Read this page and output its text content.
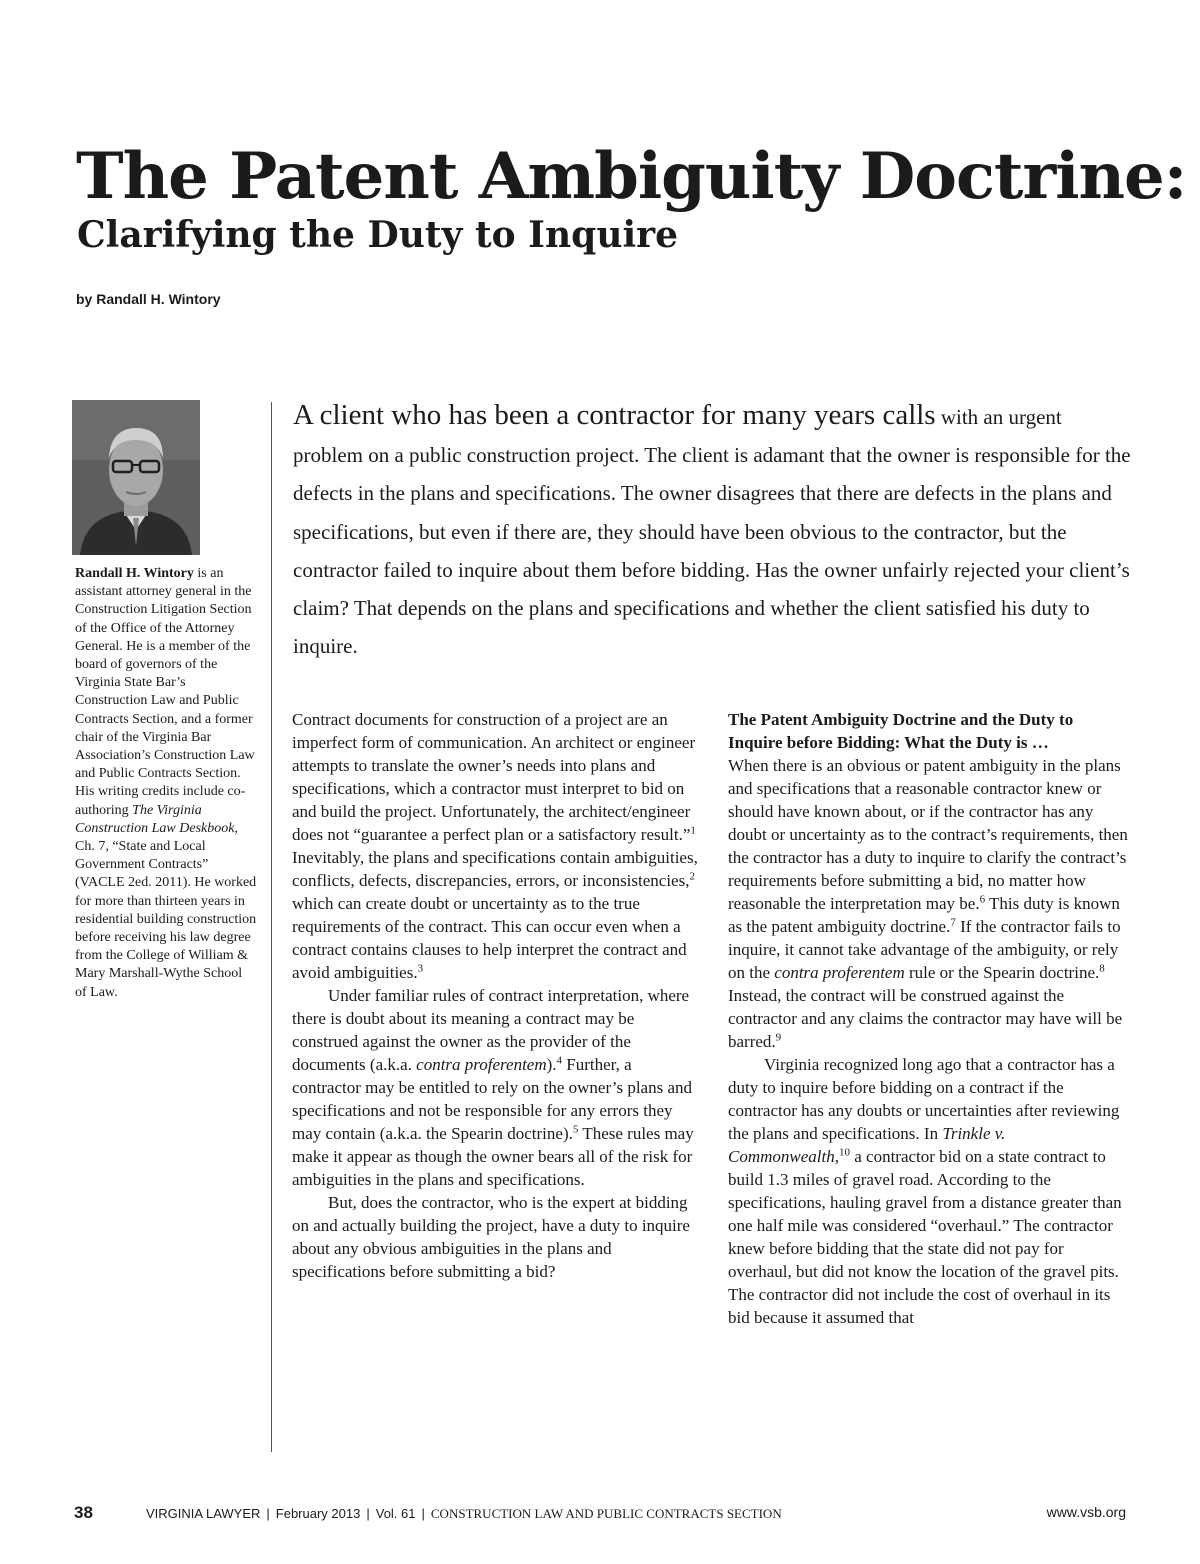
The Patent Ambiguity Doctrine:
Clarifying the Duty to Inquire
by Randall H. Wintory
Randall H. Wintory is an assistant attorney general in the Construction Litigation Section of the Office of the Attorney General. He is a member of the board of governors of the Virginia State Bar’s Construction Law and Public Contracts Section, and a former chair of the Virginia Bar Association’s Construction Law and Public Contracts Section. His writing credits include co-authoring The Virginia Construction Law Deskbook, Ch. 7, “State and Local Government Contracts” (VACLE 2ed. 2011). He worked for more than thirteen years in residential building construction before receiving his law degree from the College of William & Mary Marshall-Wythe School of Law.
A client who has been a contractor for many years calls with an urgent problem on a public construction project. The client is adamant that the owner is responsible for the defects in the plans and specifications. The owner disagrees that there are defects in the plans and specifications, but even if there are, they should have been obvious to the contractor, but the contractor failed to inquire about them before bidding. Has the owner unfairly rejected your client’s claim? That depends on the plans and specifications and whether the client satisfied his duty to inquire.

Contract documents for construction of a project are an imperfect form of communication. An architect or engineer attempts to translate the owner’s needs into plans and specifications, which a contractor must interpret to bid on and build the project. Unfortunately, the architect/engineer does not “guarantee a perfect plan or a satisfactory result.”$^1$ Inevitably, the plans and specifications contain ambiguities, conflicts, defects, discrepancies, errors, or inconsistencies,$^2$ which can create doubt or uncertainty as to the true requirements of the contract. This can occur even when a contract contains clauses to help interpret the contract and avoid ambiguities.$^3$

Under familiar rules of contract interpretation, where there is doubt about its meaning a contract may be construed against the owner as the provider of the documents (a.k.a. contra proferentem).$^4$ Further, a contractor may be entitled to rely on the owner’s plans and specifications and not be responsible for any errors they may contain (a.k.a. the Spearin doctrine).$^5$ These rules may make it appear as though the owner bears all of the risk for ambiguities in the plans and specifications.

But, does the contractor, who is the expert at bidding on and actually building the project, have a duty to inquire about any obvious ambiguities in the plans and specifications before submitting a bid?

The Patent Ambiguity Doctrine and the Duty to Inquire before Bidding: What the Duty is …

When there is an obvious or patent ambiguity in the plans and specifications that a reasonable contractor knew or should have known about, or if the contractor has any doubt or uncertainty as to the contract’s requirements, then the contractor has a duty to inquire to clarify the contract’s requirements before submitting a bid, no matter how reasonable the interpretation may be.$^6$ This duty is known as the patent ambiguity doctrine.$^7$ If the contractor fails to inquire, it cannot take advantage of the ambiguity, or rely on the contra proferentem rule or the Spearin doctrine.$^8$ Instead, the contract will be construed against the contractor and any claims the contractor may have will be barred.$^9$

Virginia recognized long ago that a contractor has a duty to inquire before bidding on a contract if the contractor has any doubts or uncertainties after reviewing the plans and specifications. In Trinkle v. Commonwealth,$^{10}$ a contractor bid on a state contract to build 1.3 miles of gravel road. According to the specifications, hauling gravel from a distance greater than one half mile was considered “overhaul.” The contractor knew before bidding that the state did not pay for overhaul, but did not know the location of the gravel pits. The contractor did not include the cost of overhaul in its bid because it assumed that

38	VIRGINIA LAWYER | February 2013 | Vol. 61 | CONSTRUCTION LAW AND PUBLIC CONTRACTS SECTION	www.vsb.org
